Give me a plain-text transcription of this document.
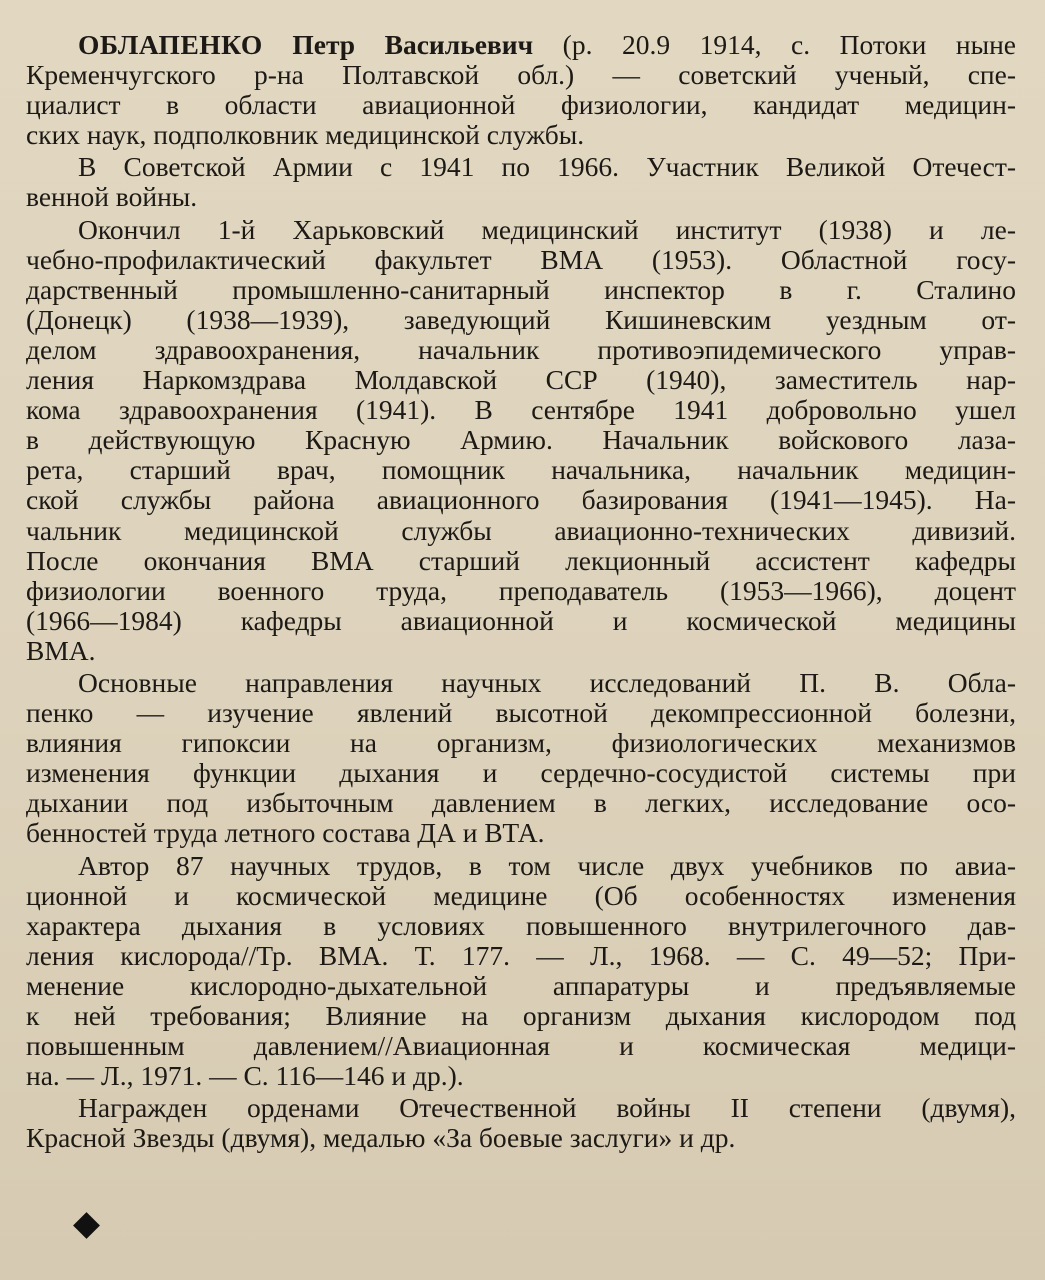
ОБЛАПЕНКО Петр Васильевич (р. 20.9 1914, с. Потоки ныне
Кременчугского р-на Полтавской обл.) — советский ученый, спе-
циалист в области авиационной физиологии, кандидат медицин-
ских наук, подполковник медицинской службы.

В Советской Армии с 1941 по 1966. Участник Великой Отечест-
венной войны.

Окончил 1-й Харьковский медицинский институт (1938) и ле-
чебно-профилактический факультет ВМА (1953). Областной госу-
дарственный промышленно-санитарный инспектор в г. Сталино
(Донецк) (1938—1939), заведующий Кишиневским уездным от-
делом здравоохранения, начальник противоэпидемического управ-
ления Наркомздрава Молдавской ССР (1940), заместитель нар-
кома здравоохранения (1941). В сентябре 1941 добровольно ушел
в действующую Красную Армию. Начальник войскового лаза-
рета, старший врач, помощник начальника, начальник медицин-
ской службы района авиационного базирования (1941—1945). На-
чальник медицинской службы авиационно-технических дивизий.
После окончания ВМА старший лекционный ассистент кафедры
физиологии военного труда, преподаватель (1953—1966), доцент
(1966—1984) кафедры авиационной и космической медицины
ВМА.

Основные направления научных исследований П. В. Обла-
пенко — изучение явлений высотной декомпрессионной болезни,
влияния гипоксии на организм, физиологических механизмов
изменения функции дыхания и сердечно-сосудистой системы при
дыхании под избыточным давлением в легких, исследование осо-
бенностей труда летного состава ДА и ВТА.

Автор 87 научных трудов, в том числе двух учебников по авиа-
ционной и космической медицине (Об особенностях изменения
характера дыхания в условиях повышенного внутрилегочного дав-
ления кислорода//Тр. ВМА. Т. 177. — Л., 1968. — С. 49—52; При-
менение кислородно-дыхательной аппаратуры и предъявляемые
к ней требования; Влияние на организм дыхания кислородом под
повышенным давлением//Авиационная и космическая медици-
на. — Л., 1971. — С. 116—146 и др.).

Награжден орденами Отечественной войны II степени (двумя),
Красной Звезды (двумя), медалью «За боевые заслуги» и др.
